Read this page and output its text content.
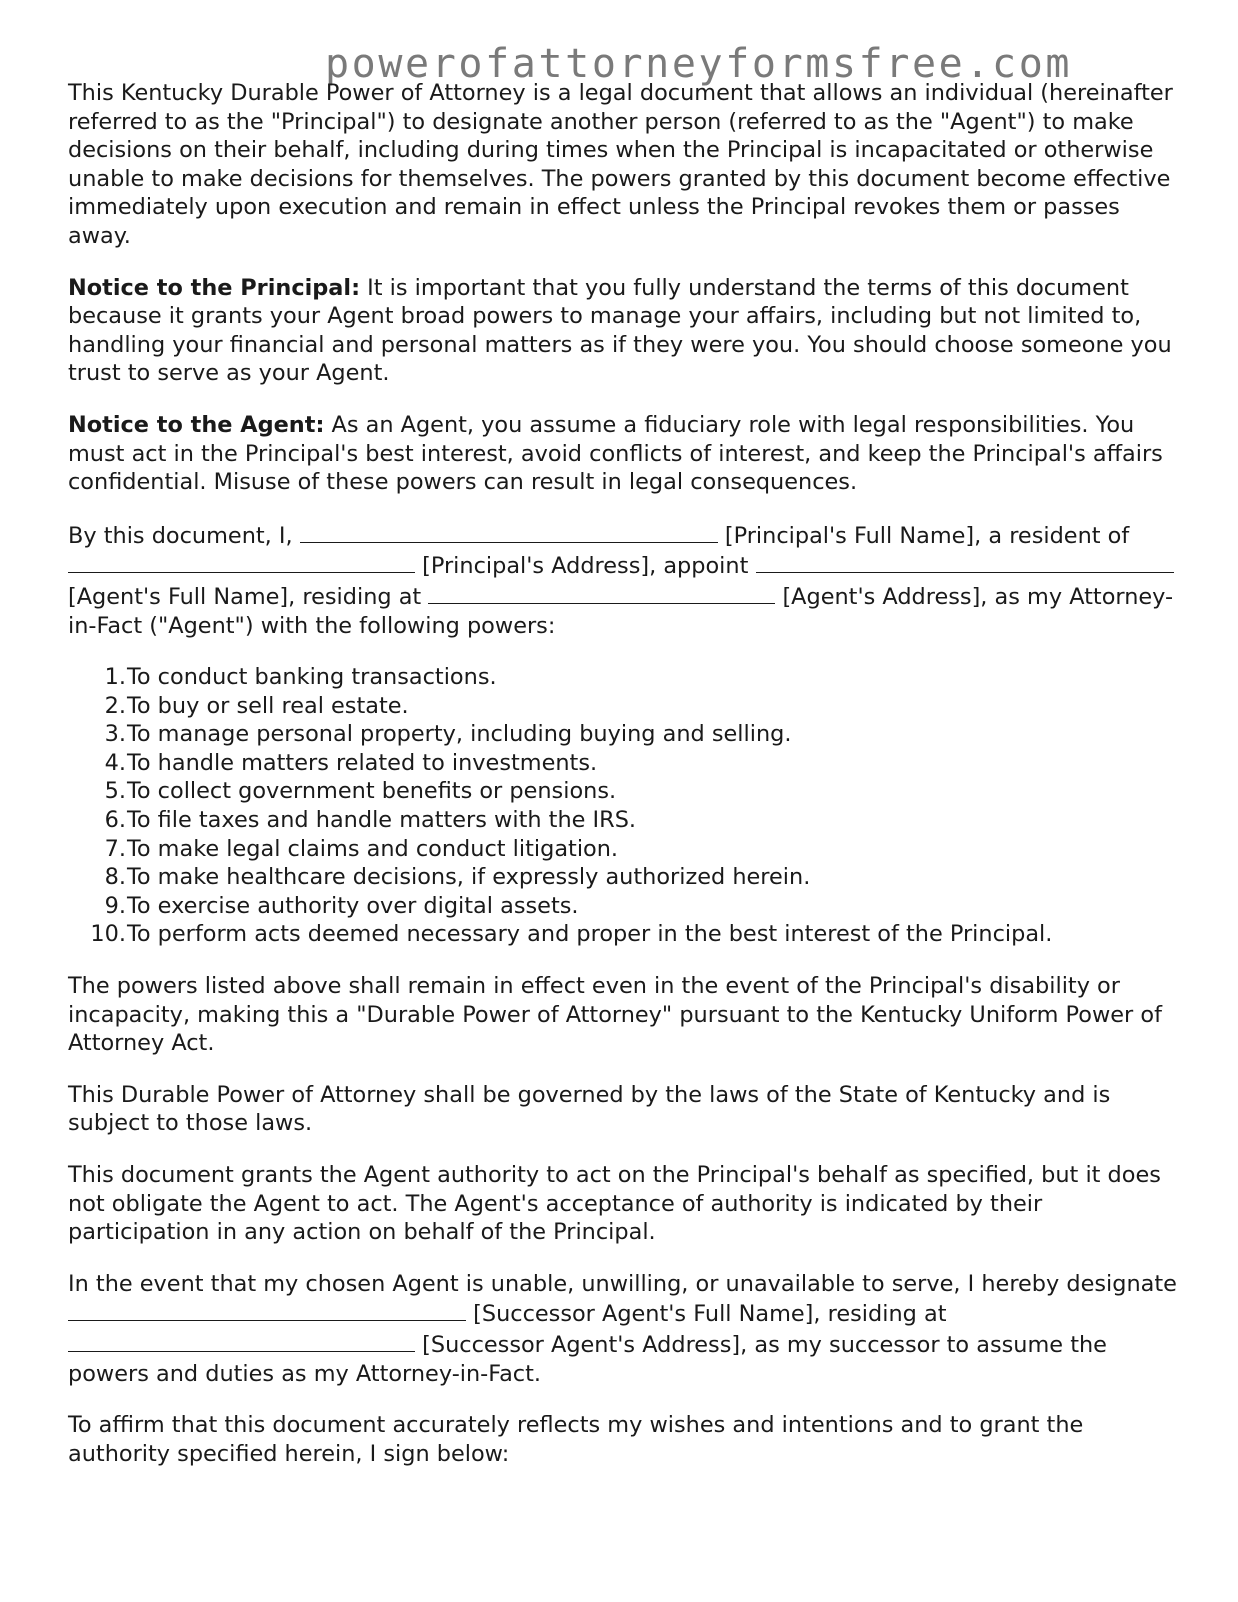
powerofattorneyformsfree.com

This Kentucky Durable Power of Attorney is a legal document that allows an individual (hereinafter referred to as the "Principal") to designate another person (referred to as the "Agent") to make decisions on their behalf, including during times when the Principal is incapacitated or otherwise unable to make decisions for themselves. The powers granted by this document become effective immediately upon execution and remain in effect unless the Principal revokes them or passes away.

Notice to the Principal: It is important that you fully understand the terms of this document because it grants your Agent broad powers to manage your affairs, including but not limited to, handling your financial and personal matters as if they were you. You should choose someone you trust to serve as your Agent.

Notice to the Agent: As an Agent, you assume a fiduciary role with legal responsibilities. You must act in the Principal's best interest, avoid conflicts of interest, and keep the Principal's affairs confidential. Misuse of these powers can result in legal consequences.

By this document, I,	[Principal's Full Name], a resident of  [Principal's Address], appoint  [Agent's Full Name], residing at	[Agent's Address], as my Attorney-in-Fact ("Agent") with the following powers:

1. To conduct banking transactions.
2. To buy or sell real estate.
3. To manage personal property, including buying and selling.
4. To handle matters related to investments.
5. To collect government benefits or pensions.
6. To file taxes and handle matters with the IRS.
7. To make legal claims and conduct litigation.
8. To make healthcare decisions, if expressly authorized herein.
9. To exercise authority over digital assets.
10. To perform acts deemed necessary and proper in the best interest of the Principal.

The powers listed above shall remain in effect even in the event of the Principal's disability or incapacity, making this a "Durable Power of Attorney" pursuant to the Kentucky Uniform Power of Attorney Act.

This Durable Power of Attorney shall be governed by the laws of the State of Kentucky and is subject to those laws.

This document grants the Agent authority to act on the Principal's behalf as specified, but it does not obligate the Agent to act. The Agent's acceptance of authority is indicated by their participation in any action on behalf of the Principal.

In the event that my chosen Agent is unable, unwilling, or unavailable to serve, I hereby designate  [Successor Agent's Full Name], residing at  [Successor Agent's Address], as my successor to assume the powers and duties as my Attorney-in-Fact.

To affirm that this document accurately reflects my wishes and intentions and to grant the authority specified herein, I sign below:
